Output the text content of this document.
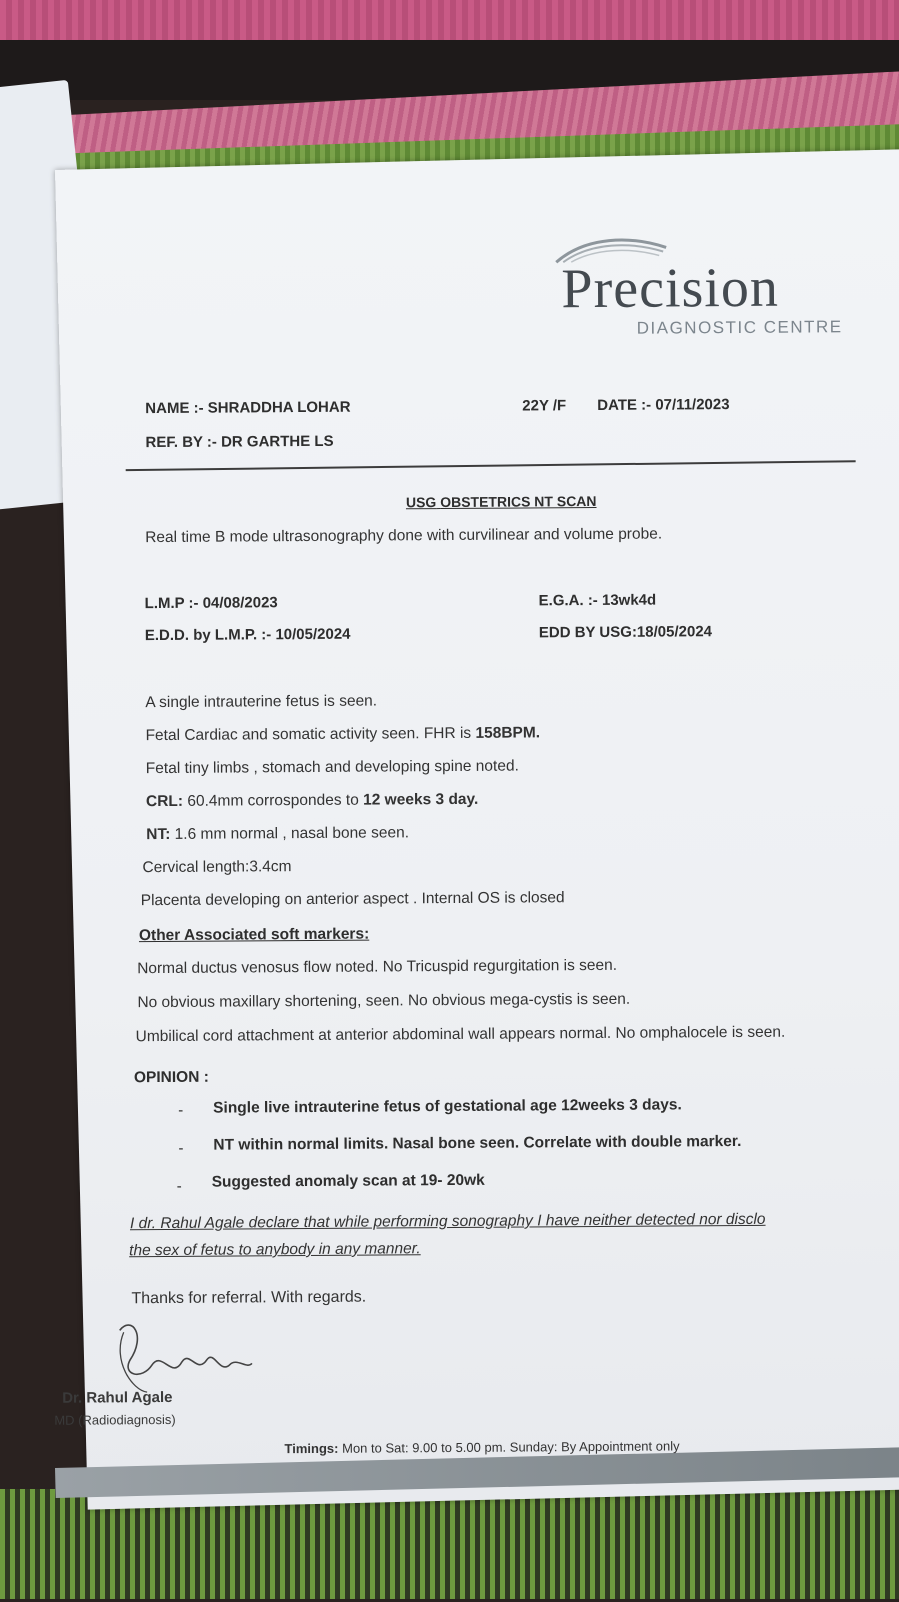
Precision
DIAGNOSTIC CENTRE
NAME :- SHRADDHA LOHAR	22Y /F DATE :- 07/11/2023
REF. BY :- DR GARTHE LS
USG OBSTETRICS NT SCAN
Real time B mode ultrasonography done with curvilinear and volume probe.
L.M.P :- 04/08/2023	E.G.A. :- 13wk4d
E.D.D. by L.M.P. :- 10/05/2024	EDD BY USG:18/05/2024
A single intrauterine fetus is seen.
Fetal Cardiac and somatic activity seen. FHR is 158BPM.
Fetal tiny limbs , stomach and developing spine noted.
CRL: 60.4mm corrospondes to 12 weeks 3 day.
NT: 1.6 mm normal , nasal bone seen.
Cervical length:3.4cm
Placenta developing on anterior aspect . Internal OS is closed
Other Associated soft markers:
Normal ductus venosus flow noted. No Tricuspid regurgitation is seen.
No obvious maxillary shortening, seen. No obvious mega-cystis is seen.
Umbilical cord attachment at anterior abdominal wall appears normal. No omphalocele is seen.
OPINION :
- Single live intrauterine fetus of gestational age 12weeks 3 days.
- NT within normal limits. Nasal bone seen. Correlate with double marker.
- Suggested anomaly scan at 19- 20wk
I dr. Rahul Agale declare that while performing sonography I have neither detected nor disclo
the sex of fetus to anybody in any manner.
Thanks for referral. With regards.
Dr. Rahul Agale
MD (Radiodiagnosis)
Timings: Mon to Sat: 9.00 to 5.00 pm. Sunday: By Appointment only
